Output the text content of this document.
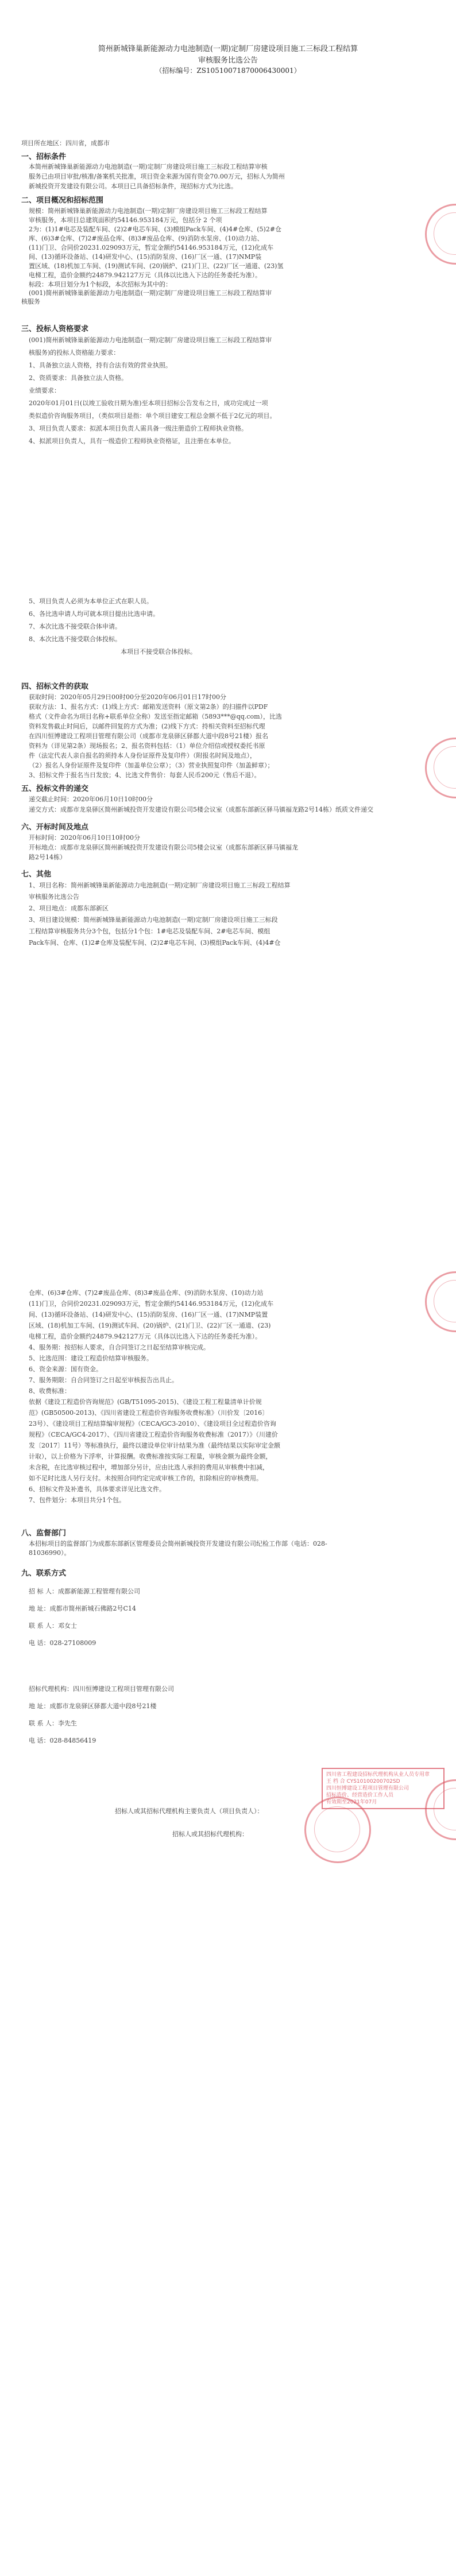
简州新城锋巢新能源动力电池制造(一期)定制厂房建设项目施工三标段工程结算
审核服务比选公告
（招标编号：ZS10510071870006430001）
项目所在地区：四川省，成都市
一、招标条件
本简州新城锋巢新能源动力电池制造(一期)定制厂房建设项目施工三标段工程结算审核
服务已由项目审批/核准/备案机关批准，项目资金来源为国有资金70.00万元，招标人为简州
新城投资开发建设有限公司。本项目已具备招标条件，现招标方式为比选。
二、项目概况和招标范围
规模：简州新城锋巢新能源动力电池制造(一期)定制厂房建设项目施工三标段工程结算
审核服务，本项目总建筑面积约54146.953184万元，包括分 2 个项
2为：(1)1#电芯及装配车间、(2)2#电芯车间、(3)模组Pack车间、(4)4#仓库、(5)2#仓
库、(6)3#仓库、(7)2#废品仓库、(8)3#废品仓库、(9)消防水泵房、(10)动力站、
(11)门卫、合同价20231.029093万元，暂定金额约54146.953184万元，(12)化成车
间、(13)循环设备站、(14)研发中心、(15)消防泵房、(16)厂区一通、(17)NMP装
置区域、(18)机加工车间、(19)测试车间、(20)锅炉、(21)门卫、(22)厂区一通道、(23)氢
电梯工程，造价金额约24879.942127万元（具体以比选入下达的任务委托为准）。
标段：本项目划分为1个标段，本次招标为其中的：
(001)简州新城锋巢新能源动力电池制造(一期)定制厂房建设项目施工三标段工程结算审
核服务
三、投标人资格要求
(001)简州新城锋巢新能源动力电池制造(一期)定制厂房建设项目施工三标段工程结算审
核服务)的投标人资格能力要求：
1、具备独立法人资格，持有合法有效的营业执照。
2、资质要求：具备独立法人资格。
业绩要求：
2020年01月01日(以竣工验收日期为准)至本项目招标公告发布之日，成功完成过一项
类似造价咨询服务项目，（类似项目是指：单个项目建安工程总金额不低于2亿元的项目。
3、项目负责人要求：拟派本项目负责人需具备一级注册造价工程师执业资格。
4、拟派项目负责人，具有一级造价工程师执业资格证，且注册在本单位。
5、项目负责人必须为本单位正式在职人员。
6、各比选申请人均可就本项目提出比选申请。
7、本次比选不接受联合体申请。
8、本次比选不接受联合体投标。
本项目不接受联合体投标。
四、招标文件的获取
获取时间：2020年05月29日00时00分至2020年06月01日17时00分
获取方法：1、报名方式：(1)线上方式：邮箱发送资料（原文第2条）的扫描件以PDF
格式（文件命名为项目名称+联系单位全称）发送至指定邮箱（5893***@qq.com），比选
资料发售截止时间后，以邮件回复的方式为准；(2)线下方式：持相关资料至招标代理
在四川恒博建设工程项目管理有限公司（成都市龙泉驿区驿都大道中段8号21楼）报名
资料为（详见第2条）现场报名；2、报名资料包括：（1）单位介绍信或授权委托书原
件（法定代表人亲自报名的须持本人身份证原件及复印件）（附报名时间及地点），
（2）报名人身份证原件及复印件（加盖单位公章）；（3）营业执照复印件（加盖鲜章）；
3、招标文件于报名当日发放；4、比选文件售价：每套人民币200元（售后不退）。
五、投标文件的递交
递交截止时间：2020年06月10日10时00分
递交方式：成都市龙泉驿区简州新城投资开发建设有限公司5楼会议室（成都东部新区驿马镇福龙路2号14栋）纸质文件递交
六、开标时间及地点
开标时间：2020年06月10日10时00分
开标地点：成都市龙泉驿区简州新城投资开发建设有限公司5楼会议室（成都东部新区驿马镇福龙
路2号14栋）
七、其他
1、项目名称：简州新城锋巢新能源动力电池制造(一期)定制厂房建设项目施工三标段工程结算
审核服务比选公告
2、项目地点：成都东部新区
3、项目建设规模：简州新城锋巢新能源动力电池制造(一期)定制厂房建设项目施工三标段
工程结算审核服务共分3个包，包括分1个包：1#电芯及装配车间、2#电芯车间、模组
Pack车间、仓库、(1)2#仓库及装配车间、(2)2#电芯车间、(3)模组Pack车间、(4)4#仓
仓库、(6)3#仓库、(7)2#废品仓库、(8)3#废品仓库、(9)消防水泵房、(10)动力站
(11)门卫，合同价20231.029093万元，暂定金额约54146.953184万元，(12)化成车
间、(13)循环设备站、(14)研发中心、(15)消防泵房、(16)厂区一通、(17)NMP装置
区域、(18)机加工车间、(19)测试车间、(20)锅炉、(21)门卫、(22)厂区一通道、(23)
电梯工程，造价金额约24879.942127万元（具体以比选入下达的任务委托为准）。
4、服务期：按招标人要求，自合同签订之日起至结算审核完成。
5、比选范围：建设工程造价结算审核服务。
6、资金来源：国有资金。
7、服务期限：自合同签订之日起至审核报告出具止。
8、收费标准：
依据《建设工程造价咨询规范》(GB/T51095-2015)、《建设工程工程量清单计价规
范》(GB50500-2013)、《四川省建设工程造价咨询服务收费标准》（川价发〔2016〕
23号）、《建设项目工程结算编审规程》（CECA/GC3-2010）、《建设项目全过程造价咨询
规程》（CECA/GC4-2017）、《四川省建设工程造价咨询服务收费标准（2017）》（川建价
发〔2017〕11号）等标准执行，最终以建设单位审计结果为准（最终结果以实际审定金额
计取），以上价格为下浮率，计算报酬。收费标准按实际工程量，审核金额为最终金额，
未含税，在比选审核过程中，增加部分另计，应由比选人承担的费用从审核费中扣减，
如不足时比选人另行支付。未按照合同约定完成审核工作的，扣除相应的审核费用。
6、招标文件及补遗书，具体要求详见比选文件。
7、包件划分：本项目共分1个包。
八、监督部门
本招标项目的监督部门为成都东部新区管理委员会简州新城投资开发建设有限公司纪检工作部（电话：028-
81036990）。
九、联系方式
招 标 人：成都新能源工程管理有限公司
地 址：成都市简州新城石佛路2号C14
联 系 人：邓女士
电 话：028-27108009
招标代理机构：四川恒博建设工程项目管理有限公司
地 址：成都市龙泉驿区驿都大道中段8号21楼
联 系 人：李先生
电 话：028-84856419
招标人或其招标代理机构主要负责人（项目负责人）：
招标人或其招标代理机构：
四川省工程建设招标代理机构从业人员专用章
王 档 合 CYS10100200702SD
四川恒博建设工程项目管理有限公司
招标造价、经营造价工作人员
有效期至2021年07月
